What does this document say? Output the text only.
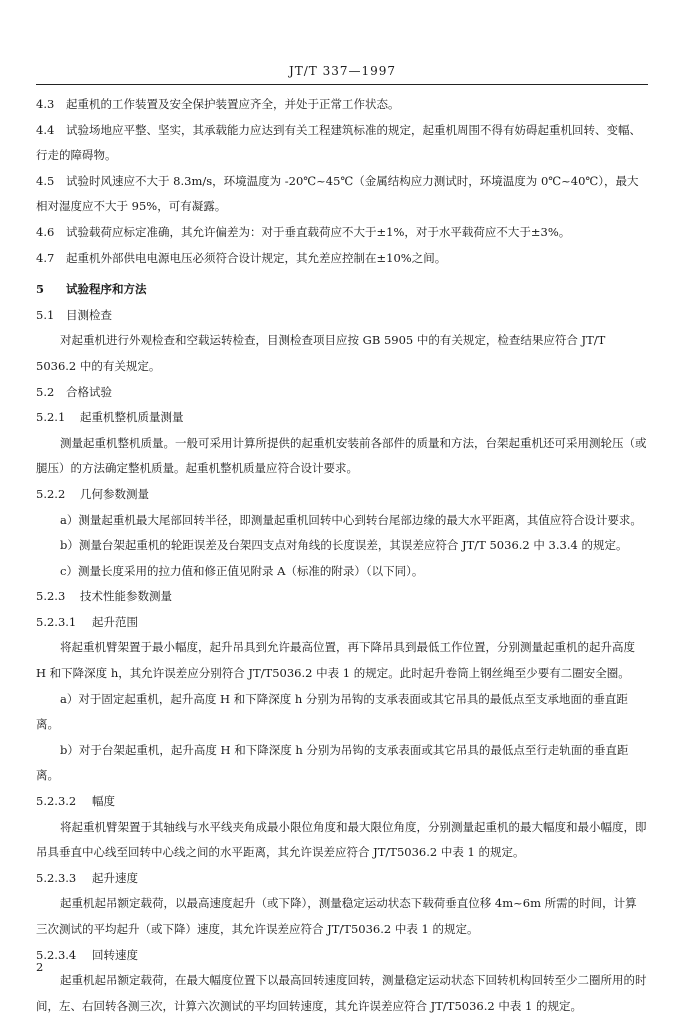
JT/T 337—1997

4.3 起重机的工作装置及安全保护装置应齐全，并处于正常工作状态。

4.4 试验场地应平整、坚实，其承载能力应达到有关工程建筑标准的规定，起重机周围不得有妨碍起重机回转、变幅、行走的障碍物。

4.5 试验时风速应不大于 8.3m/s，环境温度为 -20℃~45℃（金属结构应力测试时，环境温度为 0℃~40℃），最大相对湿度应不大于 95%，可有凝露。

4.6 试验载荷应标定准确，其允许偏差为：对于垂直载荷应不大于±1%，对于水平载荷应不大于±3%。

4.7 起重机外部供电电源电压必须符合设计规定，其允差应控制在±10%之间。

5 试验程序和方法

5.1 目测检查

对起重机进行外观检查和空载运转检查，目测检查项目应按 GB 5905 中的有关规定，检查结果应符合 JT/T 5036.2 中的有关规定。

5.2 合格试验

5.2.1 起重机整机质量测量

测量起重机整机质量。一般可采用计算所提供的起重机安装前各部件的质量和方法，台架起重机还可采用测轮压（或腿压）的方法确定整机质量。起重机整机质量应符合设计要求。

5.2.2 几何参数测量

a）测量起重机最大尾部回转半径，即测量起重机回转中心到转台尾部边缘的最大水平距离，其值应符合设计要求。

b）测量台架起重机的轮距误差及台架四支点对角线的长度误差，其误差应符合 JT/T 5036.2 中 3.3.4 的规定。

c）测量长度采用的拉力值和修正值见附录 A（标准的附录）（以下同）。

5.2.3 技术性能参数测量

5.2.3.1 起升范围

将起重机臂架置于最小幅度，起升吊具到允许最高位置，再下降吊具到最低工作位置，分别测量起重机的起升高度 H 和下降深度 h，其允许误差应分别符合 JT/T5036.2 中表 1 的规定。此时起升卷筒上钢丝绳至少要有二圈安全圈。

a）对于固定起重机，起升高度 H 和下降深度 h 分别为吊钩的支承表面或其它吊具的最低点至支承地面的垂直距离。

b）对于台架起重机，起升高度 H 和下降深度 h 分别为吊钩的支承表面或其它吊具的最低点至行走轨面的垂直距离。

5.2.3.2 幅度

将起重机臂架置于其轴线与水平线夹角成最小限位角度和最大限位角度，分别测量起重机的最大幅度和最小幅度，即吊具垂直中心线至回转中心线之间的水平距离，其允许误差应符合 JT/T5036.2 中表 1 的规定。

5.2.3.3 起升速度

起重机起吊额定载荷，以最高速度起升（或下降），测量稳定运动状态下载荷垂直位移 4m~6m 所需的时间，计算三次测试的平均起升（或下降）速度，其允许误差应符合 JT/T5036.2 中表 1 的规定。

5.2.3.4 回转速度

起重机起吊额定载荷，在最大幅度位置下以最高回转速度回转，测量稳定运动状态下回转机构回转至少二圈所用的时间，左、右回转各测三次，计算六次测试的平均回转速度，其允许误差应符合 JT/T5036.2 中表 1 的规定。

2
